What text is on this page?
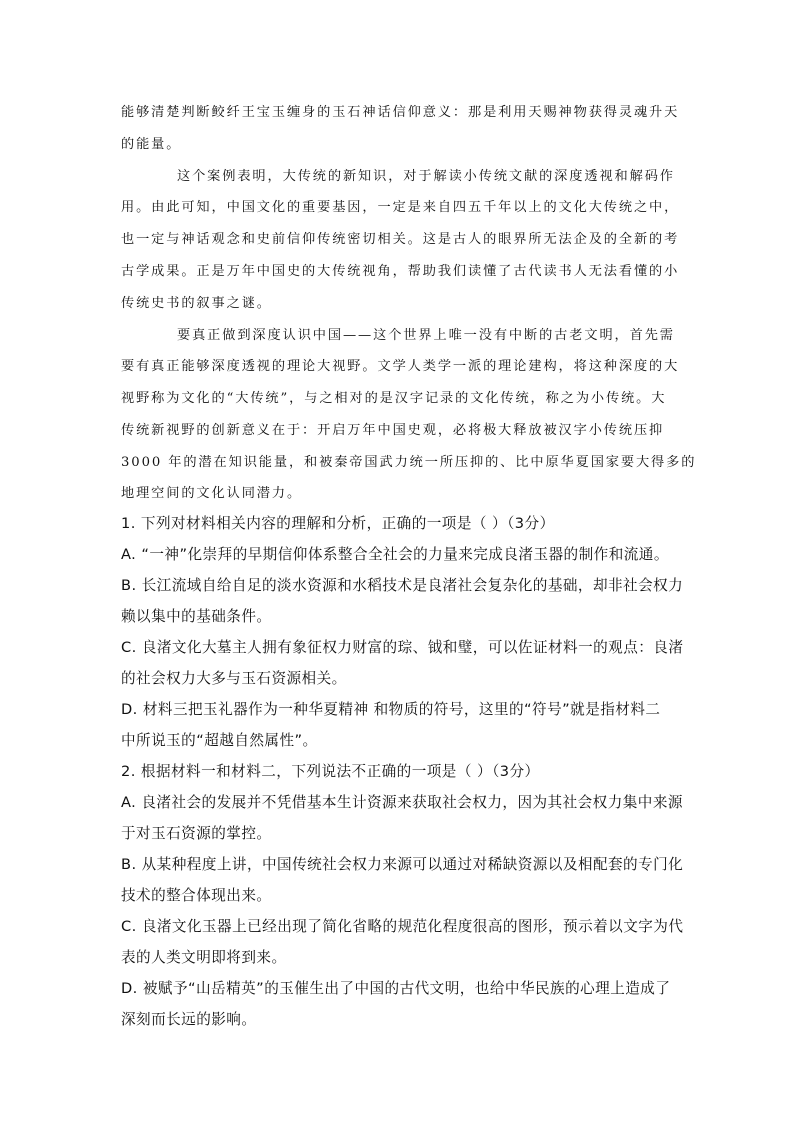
能够清楚判断鲛纤王宝玉缠身的玉石神话信仰意义：那是利用天赐神物获得灵魂升天
的能量。
这个案例表明，大传统的新知识，对于解读小传统文献的深度透视和解码作
用。由此可知，中国文化的重要基因，一定是来自四五千年以上的文化大传统之中，
也一定与神话观念和史前信仰传统密切相关。这是古人的眼界所无法企及的全新的考
古学成果。正是万年中国史的大传统视角，帮助我们读懂了古代读书人无法看懂的小
传统史书的叙事之谜。
要真正做到深度认识中国——这个世界上唯一没有中断的古老文明，首先需
要有真正能够深度透视的理论大视野。文学人类学一派的理论建构，将这种深度的大
视野称为文化的“大传统”，与之相对的是汉字记录的文化传统，称之为小传统。大
传统新视野的创新意义在于：开启万年中国史观，必将极大释放被汉字小传统压抑
3000 年的潜在知识能量，和被秦帝国武力统一所压抑的、比中原华夏国家要大得多的
地理空间的文化认同潜力。
1. 下列对材料相关内容的理解和分析，正确的一项是（ ）（3分）
A. “一神”化崇拜的早期信仰体系整合全社会的力量来完成良渚玉器的制作和流通。
B. 长江流域自给自足的淡水资源和水稻技术是良渚社会复杂化的基础，却非社会权力
赖以集中的基础条件。
C. 良渚文化大墓主人拥有象征权力财富的琮、钺和璧，可以佐证材料一的观点：良渚
的社会权力大多与玉石资源相关。
D. 材料三把玉礼器作为一种华夏精神 和物质的符号，这里的“符号”就是指材料二
中所说玉的“超越自然属性”。
2. 根据材料一和材料二，下列说法不正确的一项是（ ）（3分）
A. 良渚社会的发展并不凭借基本生计资源来获取社会权力，因为其社会权力集中来源
于对玉石资源的掌控。
B. 从某种程度上讲，中国传统社会权力来源可以通过对稀缺资源以及相配套的专门化
技术的整合体现出来。
C. 良渚文化玉器上已经出现了简化省略的规范化程度很高的图形，预示着以文字为代
表的人类文明即将到来。
D. 被赋予“山岳精英”的玉催生出了中国的古代文明，也给中华民族的心理上造成了
深刻而长远的影响。
